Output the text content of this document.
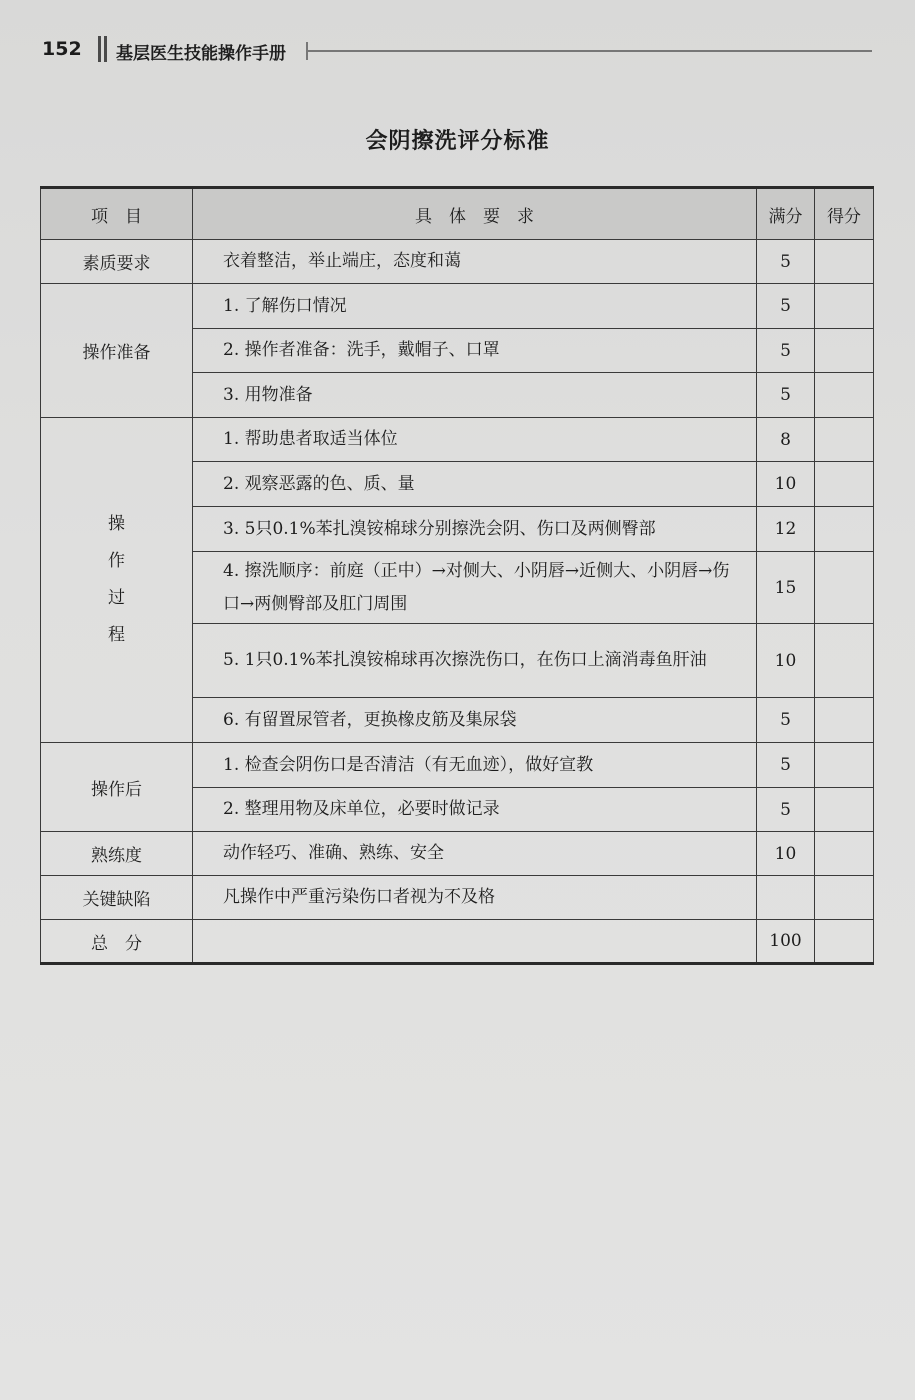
152 基层医生技能操作手册
会阴擦洗评分标准
项　目	具　体　要　求	满分	得分
素质要求	衣着整洁，举止端庄，态度和蔼	5	
操作准备	1. 了解伤口情况	5	
	2. 操作者准备：洗手，戴帽子、口罩	5	
	3. 用物准备	5	
操作过程	1. 帮助患者取适当体位	8	
	2. 观察恶露的色、质、量	10	
	3. 5只0.1%苯扎溴铵棉球分别擦洗会阴、伤口及两侧臀部	12	
	4. 擦洗顺序：前庭（正中）→对侧大、小阴唇→近侧大、小阴唇→伤口→两侧臀部及肛门周围	15	
	5. 1只0.1%苯扎溴铵棉球再次擦洗伤口，在伤口上滴消毒鱼肝油	10	
	6. 有留置尿管者，更换橡皮筋及集尿袋	5	
操作后	1. 检查会阴伤口是否清洁（有无血迹），做好宣教	5	
	2. 整理用物及床单位，必要时做记录	5	
熟练度	动作轻巧、准确、熟练、安全	10	
关键缺陷	凡操作中严重污染伤口者视为不及格		
总　分		100	
